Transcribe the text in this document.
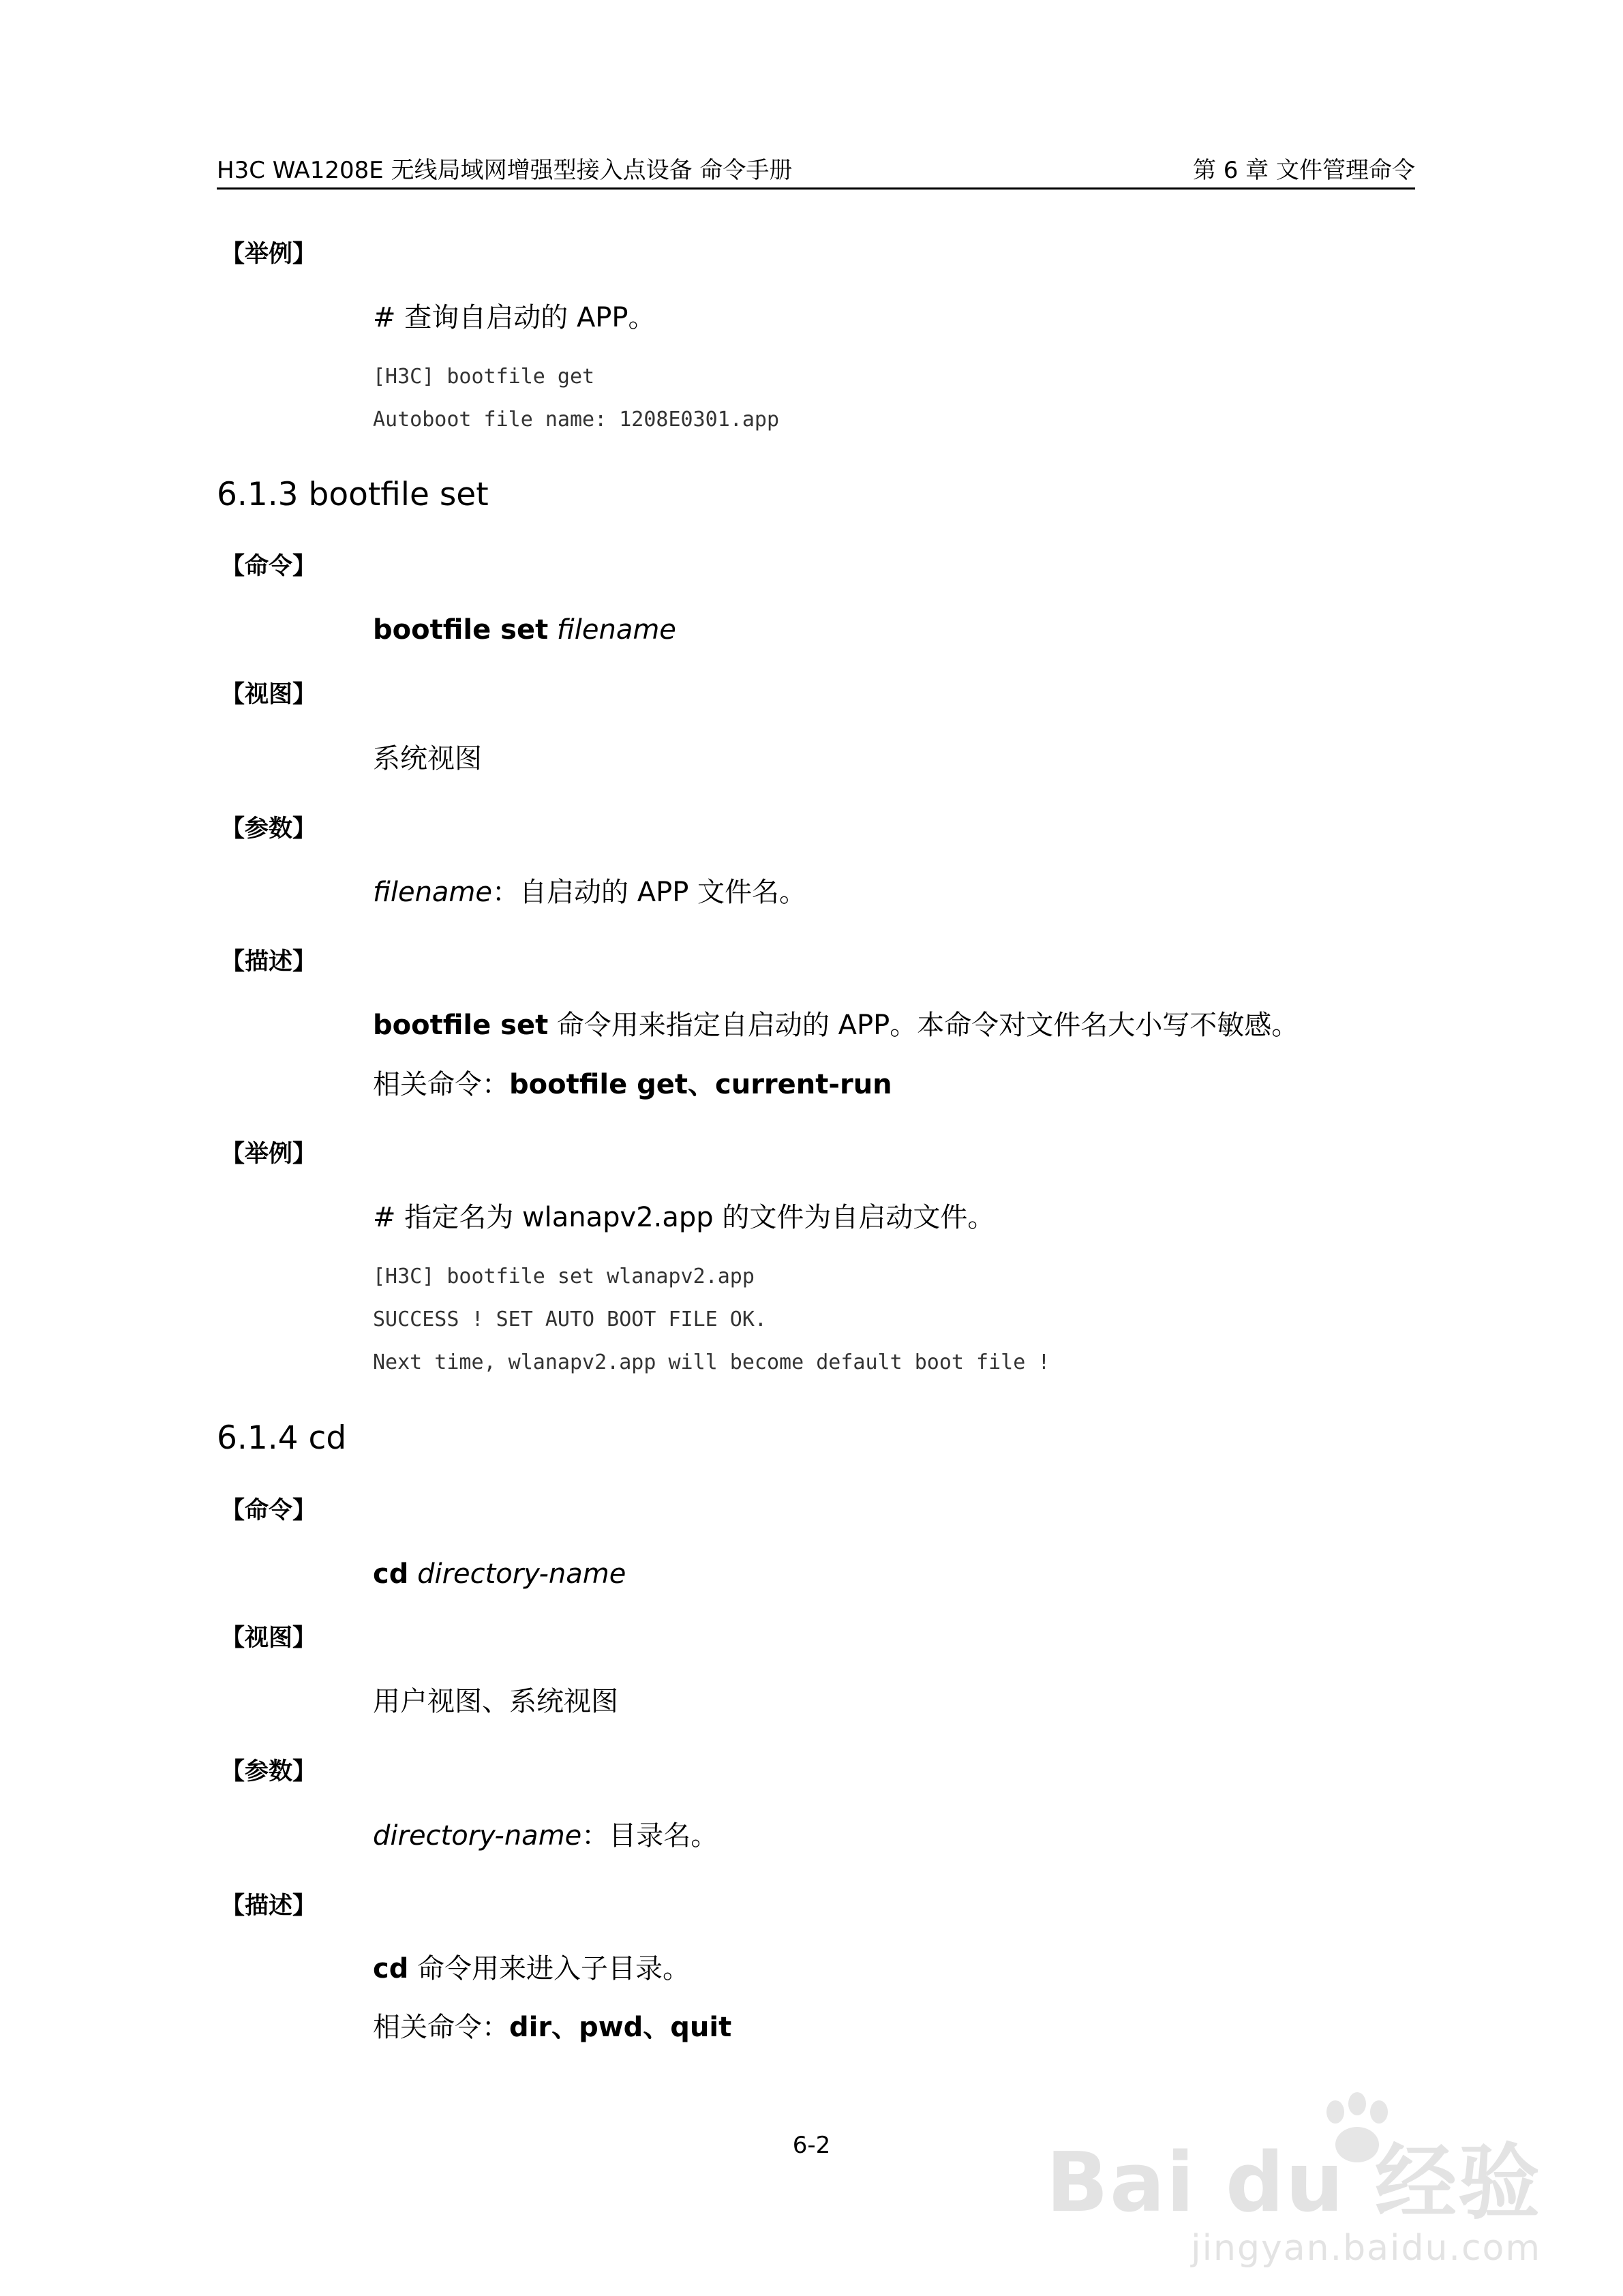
H3C WA1208E 无线局域网增强型接入点设备 命令手册	第 6 章 文件管理命令
【举例】
# 查询自启动的 APP。
[H3C] bootfile get
Autoboot file name: 1208E0301.app
6.1.3 bootfile set
【命令】
bootfile set filename
【视图】
系统视图
【参数】
filename：自启动的 APP 文件名。
【描述】
bootfile set 命令用来指定自启动的 APP。本命令对文件名大小写不敏感。
相关命令：bootfile get、current-run
【举例】
# 指定名为 wlanapv2.app 的文件为自启动文件。
[H3C] bootfile set wlanapv2.app
SUCCESS ! SET AUTO BOOT FILE OK.
Next time, wlanapv2.app will become default boot file !
6.1.4 cd
【命令】
cd directory-name
【视图】
用户视图、系统视图
【参数】
directory-name：目录名。
【描述】
cd 命令用来进入子目录。
相关命令：dir、pwd、quit
6-2	Bai du 经验
jingyan.baidu.com
